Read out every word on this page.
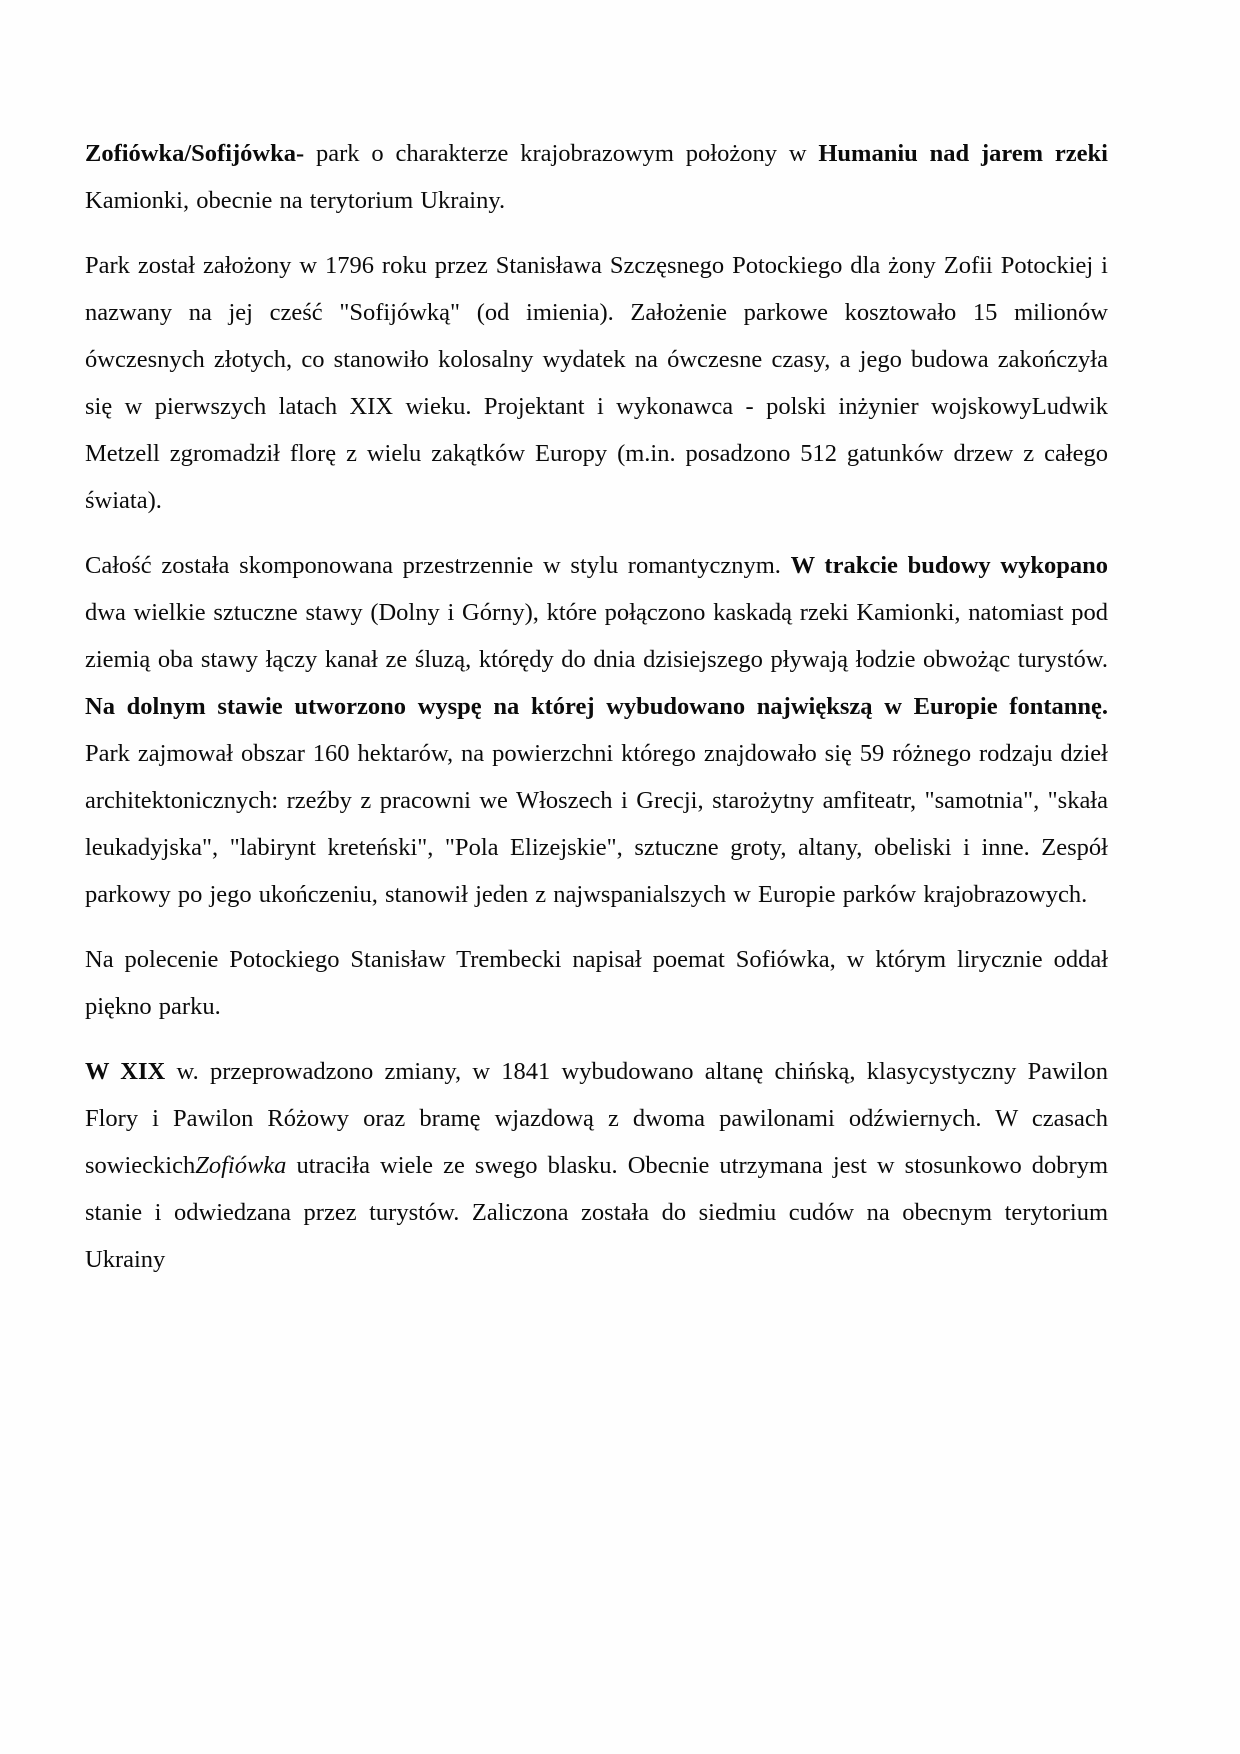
Zofiówka/Sofijówka- park o charakterze krajobrazowym położony w Humaniu nad jarem rzeki Kamionki, obecnie na terytorium Ukrainy.

Park został założony w 1796 roku przez Stanisława Szczęsnego Potockiego dla żony Zofii Potockiej i nazwany na jej cześć "Sofijówką" (od imienia). Założenie parkowe kosztowało 15 milionów ówczesnych złotych, co stanowiło kolosalny wydatek na ówczesne czasy, a jego budowa zakończyła się w pierwszych latach XIX wieku. Projektant i wykonawca - polski inżynier wojskowyLudwik Metzell zgromadził florę z wielu zakątków Europy (m.in. posadzono 512 gatunków drzew z całego świata).

Całość została skomponowana przestrzennie w stylu romantycznym. W trakcie budowy wykopano dwa wielkie sztuczne stawy (Dolny i Górny), które połączono kaskadą rzeki Kamionki, natomiast pod ziemią oba stawy łączy kanał ze śluzą, którędy do dnia dzisiejszego pływają łodzie obwożąc turystów. Na dolnym stawie utworzono wyspę na której wybudowano największą w Europie fontannę. Park zajmował obszar 160 hektarów, na powierzchni którego znajdowało się 59 różnego rodzaju dzieł architektonicznych: rzeźby z pracowni we Włoszech i Grecji, starożytny amfiteatr, "samotnia", "skała leukadyjska", "labirynt kreteński", "Pola Elizejskie", sztuczne groty, altany, obeliski i inne. Zespół parkowy po jego ukończeniu, stanowił jeden z najwspanialszych w Europie parków krajobrazowych.

Na polecenie Potockiego Stanisław Trembecki napisał poemat Sofiówka, w którym lirycznie oddał piękno parku.

W XIX w. przeprowadzono zmiany, w 1841 wybudowano altanę chińską, klasycystyczny Pawilon Flory i Pawilon Różowy oraz bramę wjazdową z dwoma pawilonami odźwiernych. W czasach sowieckichZofiówka utraciła wiele ze swego blasku. Obecnie utrzymana jest w stosunkowo dobrym stanie i odwiedzana przez turystów. Zaliczona została do siedmiu cudów na obecnym terytorium Ukrainy
